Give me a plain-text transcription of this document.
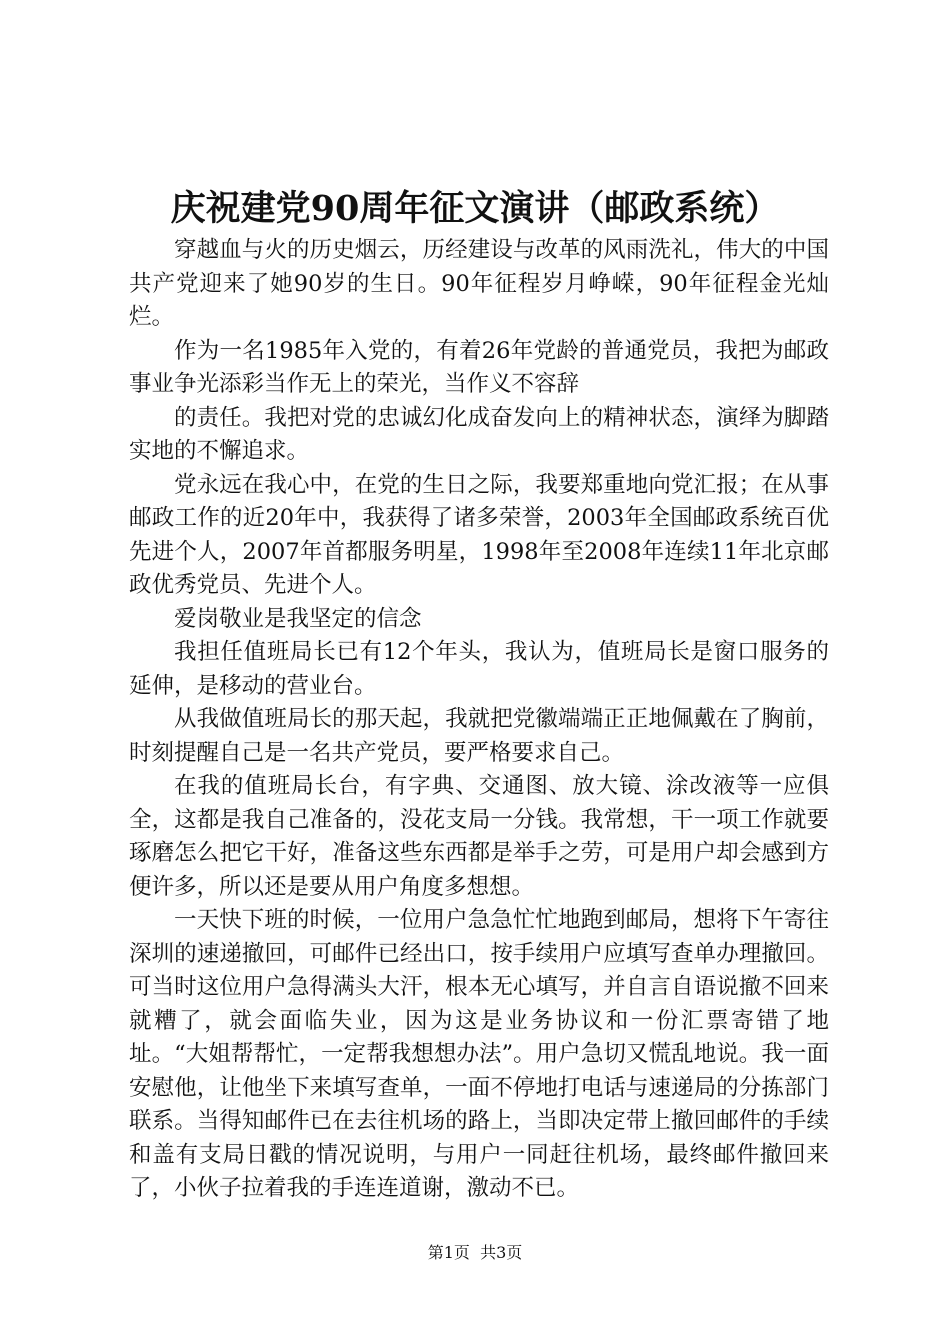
庆祝建党90周年征文演讲（邮政系统）

穿越血与火的历史烟云，历经建设与改革的风雨洗礼，伟大的中国共产党迎来了她90岁的生日。90年征程岁月峥嵘，90年征程金光灿烂。

作为一名1985年入党的，有着26年党龄的普通党员，我把为邮政事业争光添彩当作无上的荣光，当作义不容辞

的责任。我把对党的忠诚幻化成奋发向上的精神状态，演绎为脚踏实地的不懈追求。

党永远在我心中，在党的生日之际，我要郑重地向党汇报；在从事邮政工作的近20年中，我获得了诸多荣誉，2003年全国邮政系统百优先进个人，2007年首都服务明星，1998年至2008年连续11年北京邮政优秀党员、先进个人。

爱岗敬业是我坚定的信念

我担任值班局长已有12个年头，我认为，值班局长是窗口服务的延伸，是移动的营业台。

从我做值班局长的那天起，我就把党徽端端正正地佩戴在了胸前，时刻提醒自己是一名共产党员，要严格要求自己。

在我的值班局长台，有字典、交通图、放大镜、涂改液等一应俱全，这都是我自己准备的，没花支局一分钱。我常想，干一项工作就要琢磨怎么把它干好，准备这些东西都是举手之劳，可是用户却会感到方便许多，所以还是要从用户角度多想想。

一天快下班的时候，一位用户急急忙忙地跑到邮局，想将下午寄往深圳的速递撤回，可邮件已经出口，按手续用户应填写查单办理撤回。可当时这位用户急得满头大汗，根本无心填写，并自言自语说撤不回来就糟了，就会面临失业，因为这是业务协议和一份汇票寄错了地址。“大姐帮帮忙，一定帮我想想办法”。用户急切又慌乱地说。我一面安慰他，让他坐下来填写查单，一面不停地打电话与速递局的分拣部门联系。当得知邮件已在去往机场的路上，当即决定带上撤回邮件的手续和盖有支局日戳的情况说明，与用户一同赶往机场，最终邮件撤回来了，小伙子拉着我的手连连道谢，激动不已。

第1页  共3页
